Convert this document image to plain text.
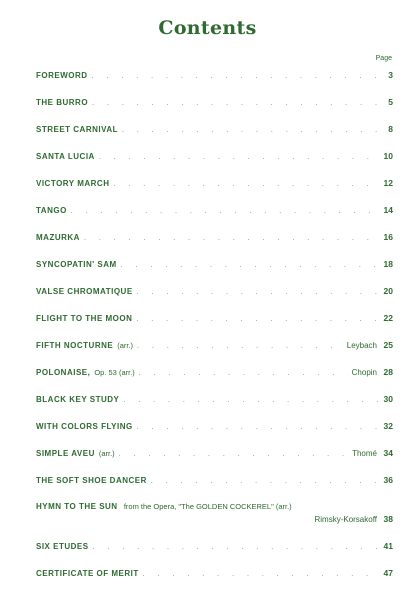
Contents
Page
FOREWORD . . .	3
THE BURRO . . .	5
STREET CARNIVAL . . .	8
SANTA LUCIA . . .	10
VICTORY MARCH . . .	12
TANGO . . .	14
MAZURKA . . .	16
SYNCOPATIN' SAM . . .	18
VALSE CHROMATIQUE . . .	20
FLIGHT TO THE MOON . . .	22
FIFTH NOCTURNE (arr.) . . .	Leybach 25
POLONAISE, Op. 53 (arr.) . . .	Chopin 28
BLACK KEY STUDY . . .	30
WITH COLORS FLYING . . .	32
SIMPLE AVEU (arr.) . . .	Thomé 34
THE SOFT SHOE DANCER . . .	36
HYMN TO THE SUN from the Opera, "The GOLDEN COCKEREL" (arr.)
Rimsky-Korsakoff 38
SIX ETUDES . . .	41
CERTIFICATE OF MERIT . . .	47
